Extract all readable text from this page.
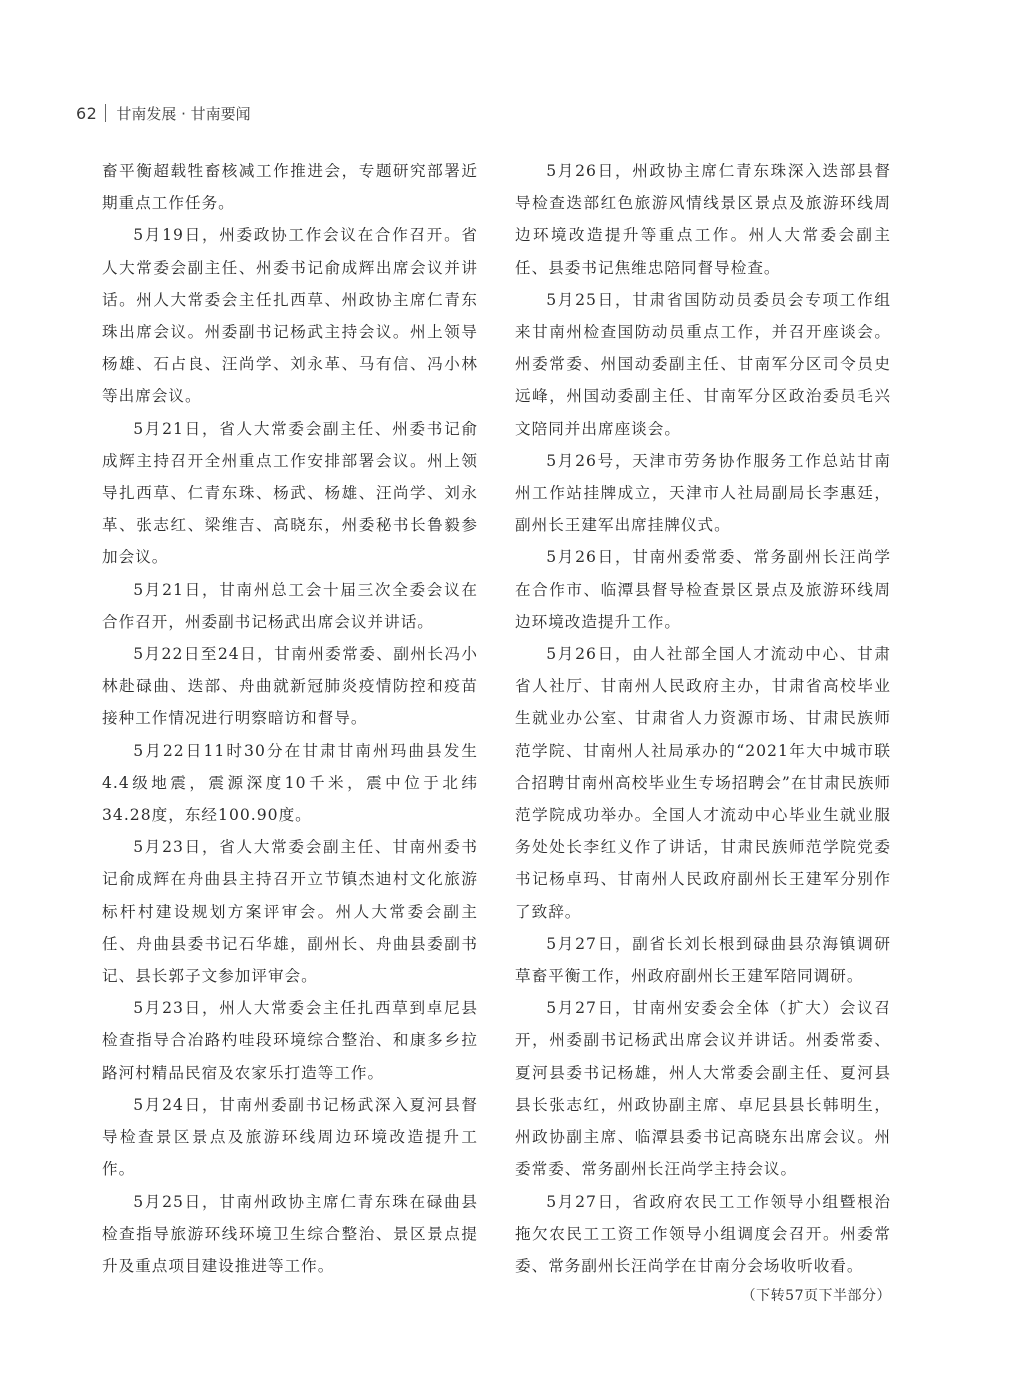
62 甘南发展 · 甘南要闻

畜平衡超载牲畜核减工作推进会，专题研究部署近期重点工作任务。

5月19日，州委政协工作会议在合作召开。省人大常委会副主任、州委书记俞成辉出席会议并讲话。州人大常委会主任扎西草、州政协主席仁青东珠出席会议。州委副书记杨武主持会议。州上领导杨雄、石占良、汪尚学、刘永革、马有信、冯小林等出席会议。

5月21日，省人大常委会副主任、州委书记俞成辉主持召开全州重点工作安排部署会议。州上领导扎西草、仁青东珠、杨武、杨雄、汪尚学、刘永革、张志红、梁维吉、高晓东，州委秘书长鲁毅参加会议。

5月21日，甘南州总工会十届三次全委会议在合作召开，州委副书记杨武出席会议并讲话。

5月22日至24日，甘南州委常委、副州长冯小林赴碌曲、迭部、舟曲就新冠肺炎疫情防控和疫苗接种工作情况进行明察暗访和督导。

5月22日11时30分在甘肃甘南州玛曲县发生4.4级地震，震源深度10千米，震中位于北纬34.28度，东经100.90度。

5月23日，省人大常委会副主任、甘南州委书记俞成辉在舟曲县主持召开立节镇杰迪村文化旅游标杆村建设规划方案评审会。州人大常委会副主任、舟曲县委书记石华雄，副州长、舟曲县委副书记、县长郭子文参加评审会。

5月23日，州人大常委会主任扎西草到卓尼县检查指导合冶路杓哇段环境综合整治、和康多乡拉路河村精品民宿及农家乐打造等工作。

5月24日，甘南州委副书记杨武深入夏河县督导检查景区景点及旅游环线周边环境改造提升工作。

5月25日，甘南州政协主席仁青东珠在碌曲县检查指导旅游环线环境卫生综合整治、景区景点提升及重点项目建设推进等工作。

5月26日，州政协主席仁青东珠深入迭部县督导检查迭部红色旅游风情线景区景点及旅游环线周边环境改造提升等重点工作。州人大常委会副主任、县委书记焦维忠陪同督导检查。

5月25日，甘肃省国防动员委员会专项工作组来甘南州检查国防动员重点工作，并召开座谈会。州委常委、州国动委副主任、甘南军分区司令员史远峰，州国动委副主任、甘南军分区政治委员毛兴文陪同并出席座谈会。

5月26号，天津市劳务协作服务工作总站甘南州工作站挂牌成立，天津市人社局副局长李惠廷，副州长王建军出席挂牌仪式。

5月26日，甘南州委常委、常务副州长汪尚学在合作市、临潭县督导检查景区景点及旅游环线周边环境改造提升工作。

5月26日，由人社部全国人才流动中心、甘肃省人社厅、甘南州人民政府主办，甘肃省高校毕业生就业办公室、甘肃省人力资源市场、甘肃民族师范学院、甘南州人社局承办的“2021年大中城市联合招聘甘南州高校毕业生专场招聘会”在甘肃民族师范学院成功举办。全国人才流动中心毕业生就业服务处处长李红义作了讲话，甘肃民族师范学院党委书记杨卓玛、甘南州人民政府副州长王建军分别作了致辞。

5月27日，副省长刘长根到碌曲县尕海镇调研草畜平衡工作，州政府副州长王建军陪同调研。

5月27日，甘南州安委会全体（扩大）会议召开，州委副书记杨武出席会议并讲话。州委常委、夏河县委书记杨雄，州人大常委会副主任、夏河县县长张志红，州政协副主席、卓尼县县长韩明生，州政协副主席、临潭县委书记高晓东出席会议。州委常委、常务副州长汪尚学主持会议。

5月27日，省政府农民工工作领导小组暨根治拖欠农民工工资工作领导小组调度会召开。州委常委、常务副州长汪尚学在甘南分会场收听收看。

（下转57页下半部分）
